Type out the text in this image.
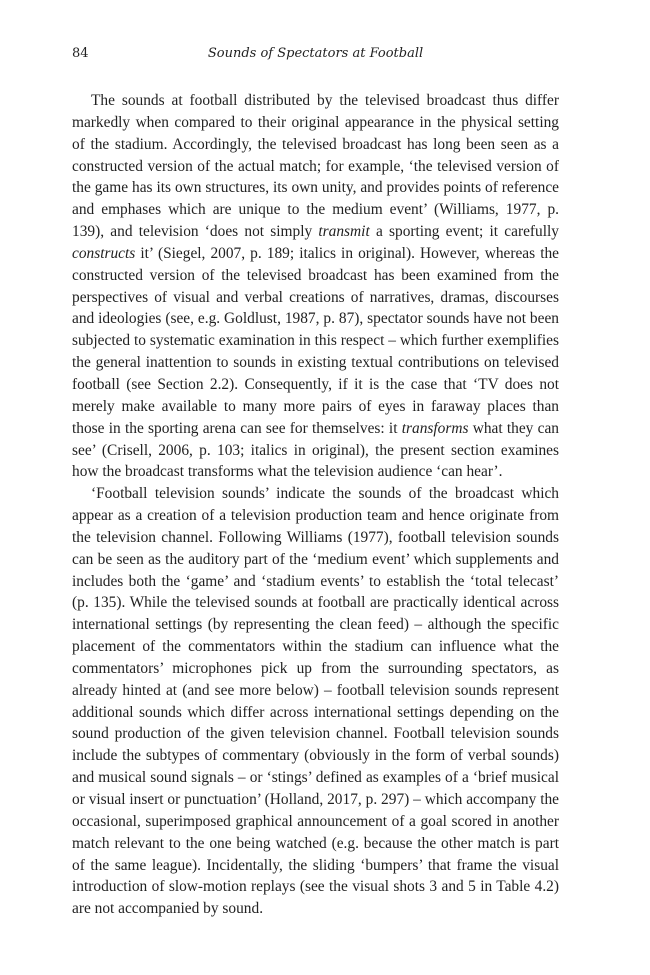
84	Sounds of Spectators at Football

The sounds at football distributed by the televised broadcast thus differ markedly when compared to their original appearance in the physical setting of the stadium. Accordingly, the televised broadcast has long been seen as a constructed version of the actual match; for example, ‘the televised version of the game has its own structures, its own unity, and provides points of reference and emphases which are unique to the medium event’ (Williams, 1977, p. 139), and television ‘does not simply transmit a sporting event; it carefully constructs it’ (Siegel, 2007, p. 189; italics in original). However, whereas the constructed version of the televised broadcast has been examined from the perspectives of visual and verbal creations of narratives, dramas, discourses and ideologies (see, e.g. Goldlust, 1987, p. 87), spectator sounds have not been subjected to systematic examination in this respect – which further exemplifies the general inattention to sounds in existing textual contributions on televised football (see Section 2.2). Consequently, if it is the case that ‘TV does not merely make available to many more pairs of eyes in faraway places than those in the sporting arena can see for themselves: it transforms what they can see’ (Crisell, 2006, p. 103; italics in original), the present section examines how the broadcast transforms what the television audience ‘can hear’.

‘Football television sounds’ indicate the sounds of the broadcast which appear as a creation of a television production team and hence originate from the television channel. Following Williams (1977), football television sounds can be seen as the auditory part of the ‘medium event’ which supplements and includes both the ‘game’ and ‘stadium events’ to establish the ‘total telecast’ (p. 135). While the televised sounds at football are practically identical across international settings (by representing the clean feed) – although the specific placement of the commentators within the stadium can influence what the commentators’ microphones pick up from the surrounding spectators, as already hinted at (and see more below) – football television sounds represent additional sounds which differ across international settings depending on the sound production of the given television channel. Football television sounds include the subtypes of commentary (obviously in the form of verbal sounds) and musical sound signals – or ‘stings’ defined as examples of a ‘brief musical or visual insert or punctuation’ (Holland, 2017, p. 297) – which accompany the occasional, superimposed graphical announcement of a goal scored in another match relevant to the one being watched (e.g. because the other match is part of the same league). Incidentally, the sliding ‘bumpers’ that frame the visual introduction of slow-motion replays (see the visual shots 3 and 5 in Table 4.2) are not accompanied by sound.
